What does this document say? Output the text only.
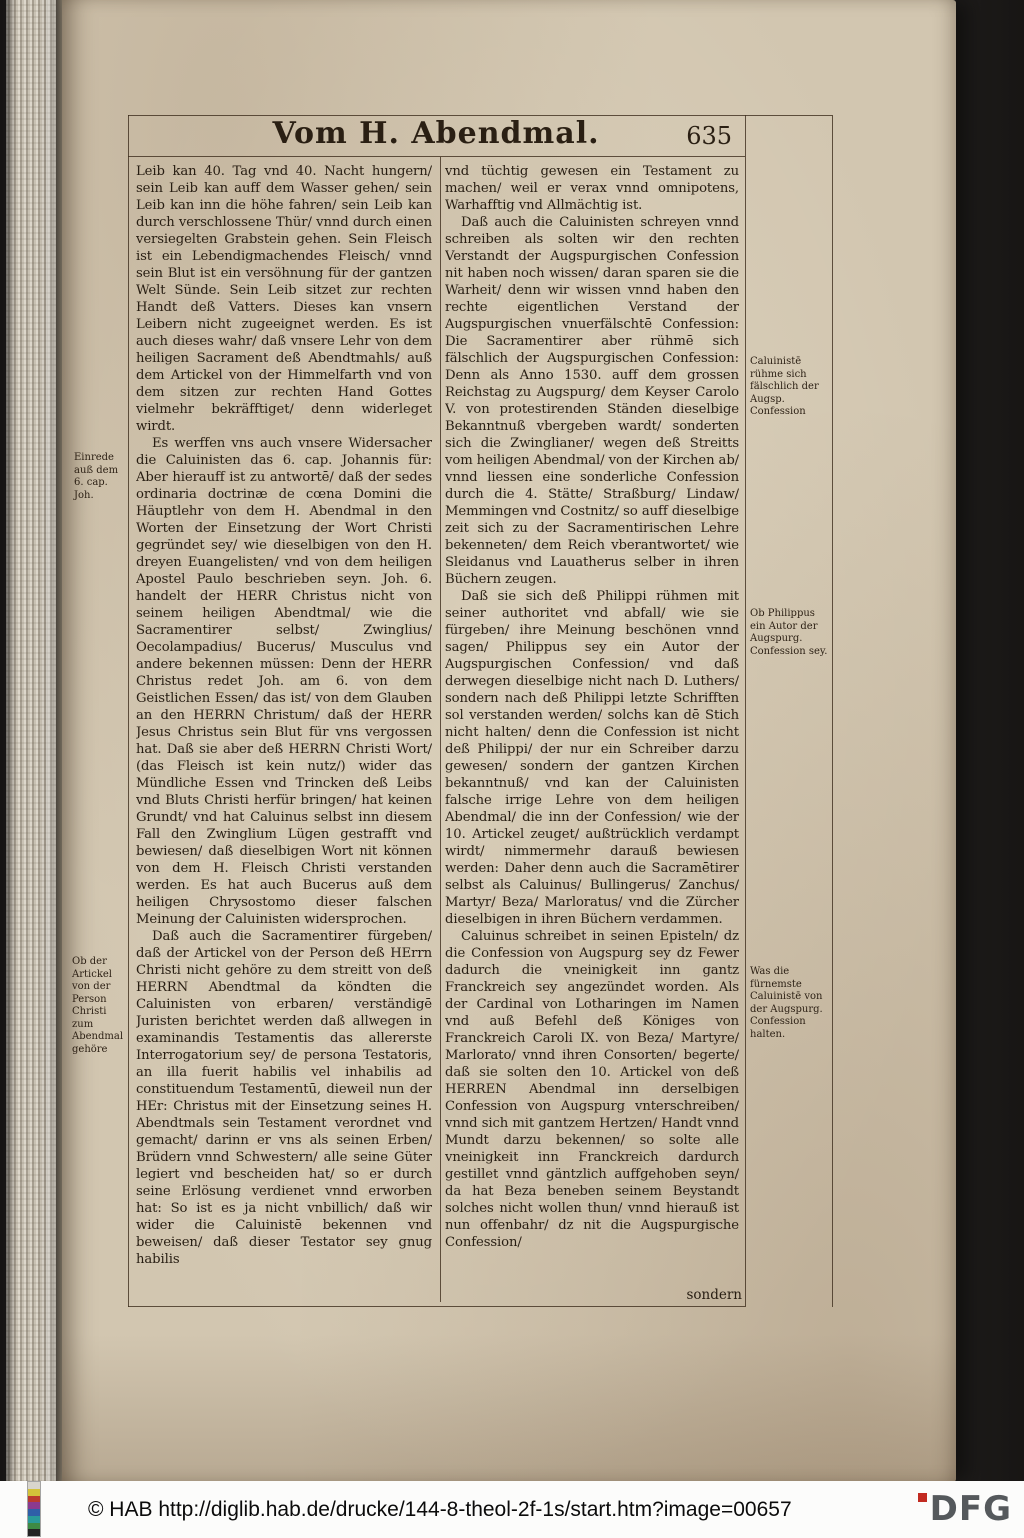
Vom H. Abendmal.	635

Leib kan 40. Tag vnd 40. Nacht hungern/ sein Leib kan auff dem Wasser gehen/ sein Leib kan inn die höhe fahren/ sein Leib kan durch verschlossene Thür/ vnnd durch einen versiegelten Grabstein gehen. Sein Fleisch ist ein Lebendigmachendes Fleisch/ vnnd sein Blut ist ein versöhnung für der gantzen Welt Sünde. Sein Leib sitzet zur rechten Handt deß Vatters. Dieses kan vnsern Leibern nicht zugeeignet werden. Es ist auch dieses wahr/ daß vnsere Lehr von dem heiligen Sacrament deß Abendtmahls/ auß dem Artickel von der Himmelfarth vnd von dem sitzen zur rechten Hand Gottes vielmehr bekräfftiget/ denn widerleget wirdt.

Es werffen vns auch vnsere Widersacher die Caluinisten das 6. cap. Johannis für: Aber hierauff ist zu antwortē/ daß der sedes ordinaria doctrinæ de cœna Domini die Häuptlehr von dem H. Abendmal in den Worten der Einsetzung der Wort Christi gegründet sey/ wie dieselbigen von den H. dreyen Euangelisten/ vnd von dem heiligen Apostel Paulo beschrieben seyn. Joh. 6. handelt der HERR Christus nicht von seinem heiligen Abendtmal/ wie die Sacramentirer selbst/ Zwinglius/ Oecolampadius/ Bucerus/ Musculus vnd andere bekennen müssen: Denn der HERR Christus redet Joh. am 6. von dem Geistlichen Essen/ das ist/ von dem Glauben an den HERRN Christum/ daß der HERR Jesus Christus sein Blut für vns vergossen hat. Daß sie aber deß HERRN Christi Wort/ (das Fleisch ist kein nutz/) wider das Mündliche Essen vnd Trincken deß Leibs vnd Bluts Christi herfür bringen/ hat keinen Grundt/ vnd hat Caluinus selbst inn diesem Fall den Zwinglium Lügen gestrafft vnd bewiesen/ daß dieselbigen Wort nit können von dem H. Fleisch Christi verstanden werden. Es hat auch Bucerus auß dem heiligen Chrysostomo dieser falschen Meinung der Caluinisten widersprochen.

Daß auch die Sacramentirer fürgeben/ daß der Artickel von der Person deß HErrn Christi nicht gehöre zu dem streitt von deß HERRN Abendtmal da köndten die Caluinisten von erbaren/ verständigē Juristen berichtet werden daß allwegen in examinandis Testamentis das allererste Interrogatorium sey/ de persona Testatoris, an illa fuerit habilis vel inhabilis ad constituendum Testamentū, dieweil nun der HEr: Christus mit der Einsetzung seines H. Abendtmals sein Testament verordnet vnd gemacht/ darinn er vns als seinen Erben/ Brüdern vnnd Schwestern/ alle seine Güter legiert vnd bescheiden hat/ so er durch seine Erlösung verdienet vnnd erworben hat: So ist es ja nicht vnbillich/ daß wir wider die Caluinistē bekennen vnd beweisen/ daß dieser Testator sey gnug habilis

vnd tüchtig gewesen ein Testament zu machen/ weil er verax vnnd omnipotens, Warhafftig vnd Allmächtig ist.

Daß auch die Caluinisten schreyen vnnd schreiben als solten wir den rechten Verstandt der Augspurgischen Confession nit haben noch wissen/ daran sparen sie die Warheit/ denn wir wissen vnnd haben den rechte eigentlichen Verstand der Augspurgischen vnuerfälschtē Confession: Die Sacramentirer aber rühmē sich fälschlich der Augspurgischen Confession: Denn als Anno 1530. auff dem grossen Reichstag zu Augspurg/ dem Keyser Carolo V. von protestirenden Ständen dieselbige Bekanntnuß vbergeben wardt/ sonderten sich die Zwinglianer/ wegen deß Streitts vom heiligen Abendmal/ von der Kirchen ab/ vnnd liessen eine sonderliche Confession durch die 4. Stätte/ Straßburg/ Lindaw/ Memmingen vnd Costnitz/ so auff dieselbige zeit sich zu der Sacramentirischen Lehre bekenneten/ dem Reich vberantwortet/ wie Sleidanus vnd Lauatherus selber in ihren Büchern zeugen.

Daß sie sich deß Philippi rühmen mit seiner authoritet vnd abfall/ wie sie fürgeben/ ihre Meinung beschönen vnnd sagen/ Philippus sey ein Autor der Augspurgischen Confession/ vnd daß derwegen dieselbige nicht nach D. Luthers/ sondern nach deß Philippi letzte Schrifften sol verstanden werden/ solchs kan dē Stich nicht halten/ denn die Confession ist nicht deß Philippi/ der nur ein Schreiber darzu gewesen/ sondern der gantzen Kirchen bekanntnuß/ vnd kan der Caluinisten falsche irrige Lehre von dem heiligen Abendmal/ die inn der Confession/ wie der 10. Artickel zeuget/ außtrücklich verdampt wirdt/ nimmermehr darauß bewiesen werden: Daher denn auch die Sacramētirer selbst als Caluinus/ Bullingerus/ Zanchus/ Martyr/ Beza/ Marloratus/ vnd die Zürcher dieselbigen in ihren Büchern verdammen.

Caluinus schreibet in seinen Episteln/ dz die Confession von Augspurg sey dz Fewer dadurch die vneinigkeit inn gantz Franckreich sey angezündet worden. Als der Cardinal von Lotharingen im Namen vnd auß Befehl deß Königes von Franckreich Caroli IX. von Beza/ Martyre/ Marlorato/ vnnd ihren Consorten/ begerte/ daß sie solten den 10. Artickel von deß HERREN Abendmal inn derselbigen Confession von Augspurg vnterschreiben/ vnnd sich mit gantzem Hertzen/ Handt vnnd Mundt darzu bekennen/ so solte alle vneinigkeit inn Franckreich dardurch gestillet vnnd gäntzlich auffgehoben seyn/ da hat Beza beneben seinem Beystandt solches nicht wollen thun/ vnnd hierauß ist nun offenbahr/ dz nit die Augspurgische Confession/

sondern
Einrede auß dem 6. cap. Joh.
Ob der Artickel von der Person Christi zum Abendmal gehöre
Caluinistē rühme sich fälschlich der Augsp. Confession
Ob Philippus ein Autor der Augspurg. Confession sey.
Was die fürnemste Caluinistē von der Augspurg. Confession halten.
© HAB http://diglib.hab.de/drucke/144-8-theol-2f-1s/start.htm?image=00657	DFG
